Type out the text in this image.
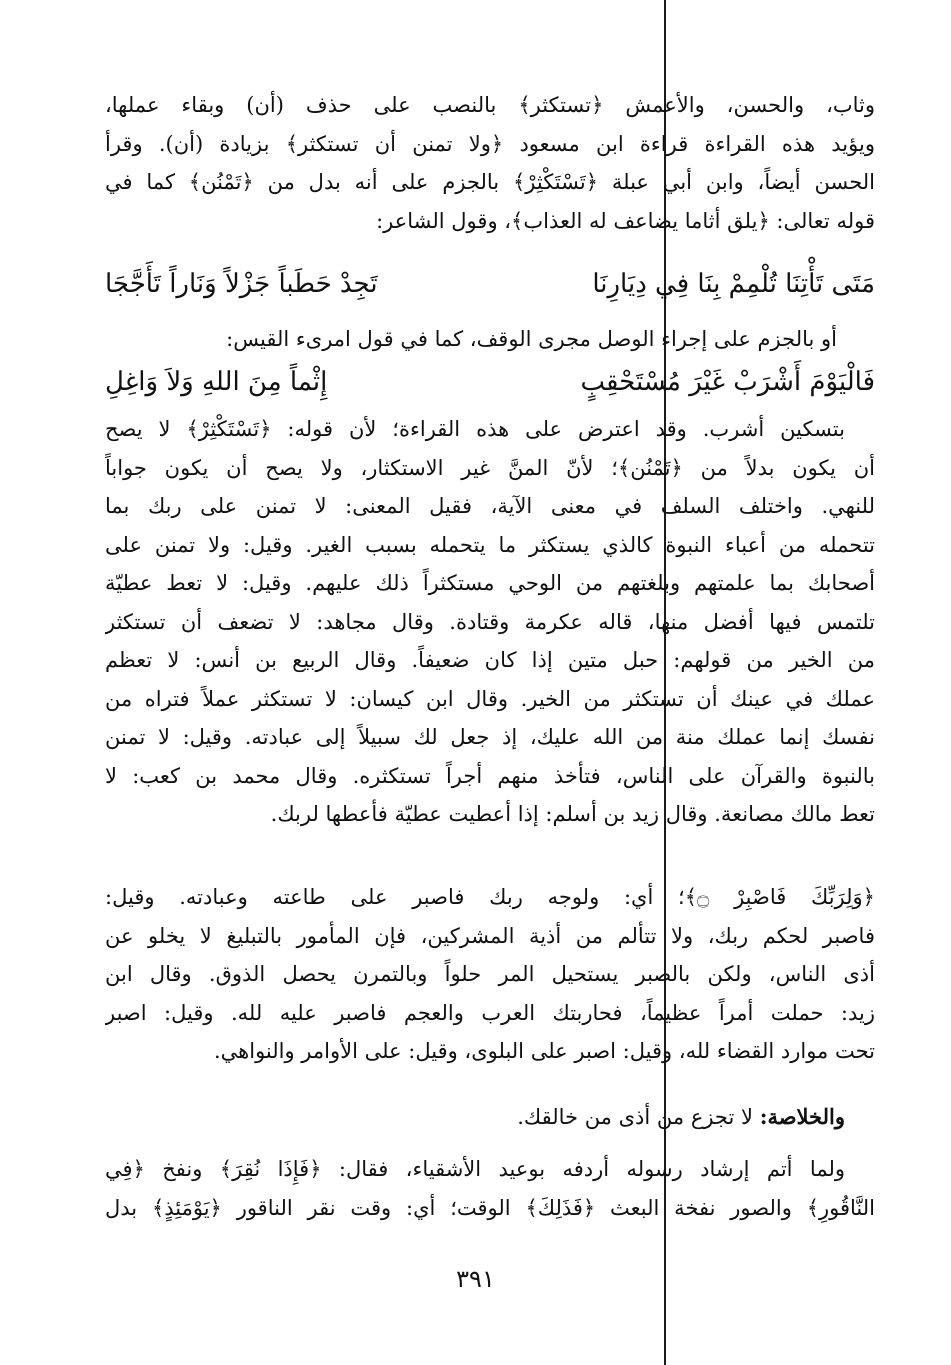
وثاب، والحسن، والأعمش ﴿تستكثر﴾ بالنصب على حذف (أن) وبقاء عملها،
ويؤيد هذه القراءة قراءة ابن مسعود ﴿ولا تمنن أن تستكثر﴾ بزيادة (أن). وقرأ
الحسن أيضاً، وابن أبي عبلة ﴿تَسْتَكْثِرْ﴾ بالجزم على أنه بدل من ﴿تَمْنُن﴾ كما في
قوله تعالى: ﴿يلق أثاما يضاعف له العذاب﴾، وقول الشاعر:
مَتَى تَأْتِنَا تُلْمِمْ بِنَا فِي دِيَارِنَا
تَجِدْ حَطَباً جَزْلاً وَنَاراً تَأَجَّجَا
أو بالجزم على إجراء الوصل مجرى الوقف، كما في قول امرىء القيس:
فَالْيَوْمَ أَشْرَبْ غَيْرَ مُسْتَحْقِبٍ
إِثْماً مِنَ اللهِ وَلاَ وَاغِلِ
بتسكين أشرب. وقد اعترض على هذه القراءة؛ لأن قوله: ﴿تَسْتَكْثِرْ﴾ لا يصح
أن يكون بدلاً من ﴿تَمْنُن﴾؛ لأنّ المنَّ غير الاستكثار، ولا يصح أن يكون جواباً
للنهي. واختلف السلف في معنى الآية، فقيل المعنى: لا تمنن على ربك بما
تتحمله من أعباء النبوة كالذي يستكثر ما يتحمله بسبب الغير. وقيل: ولا تمنن على
أصحابك بما علمتهم وبلغتهم من الوحي مستكثراً ذلك عليهم. وقيل: لا تعط عطيّة
تلتمس فيها أفضل منها، قاله عكرمة وقتادة. وقال مجاهد: لا تضعف أن تستكثر
من الخير من قولهم: حبل متين إذا كان ضعيفاً. وقال الربيع بن أنس: لا تعظم
عملك في عينك أن تستكثر من الخير. وقال ابن كيسان: لا تستكثر عملاً فتراه من
نفسك إنما عملك منة من الله عليك، إذ جعل لك سبيلاً إلى عبادته. وقيل: لا تمنن
بالنبوة والقرآن على الناس، فتأخذ منهم أجراً تستكثره. وقال محمد بن كعب: لا
تعط مالك مصانعة. وقال زيد بن أسلم: إذا أعطيت عطيّة فأعطها لربك.
﴿وَلِرَبِّكَ فَاصْبِرْ ۝﴾؛ أي: ولوجه ربك فاصبر على طاعته وعبادته. وقيل:
فاصبر لحكم ربك، ولا تتألم من أذية المشركين، فإن المأمور بالتبليغ لا يخلو عن
أذى الناس، ولكن بالصبر يستحيل المر حلواً وبالتمرن يحصل الذوق. وقال ابن
زيد: حملت أمراً عظيماً، فحاربتك العرب والعجم فاصبر عليه لله. وقيل: اصبر
تحت موارد القضاء لله، وقيل: اصبر على البلوى، وقيل: على الأوامر والنواهي.
والخلاصة: لا تجزع من أذى من خالقك.
ولما أتم إرشاد رسوله أردفه بوعيد الأشقياء، فقال: ﴿فَإِذَا نُقِرَ﴾ ونفخ ﴿فِي
النَّاقُورِ﴾ والصور نفخة البعث ﴿فَذَلِكَ﴾ الوقت؛ أي: وقت نقر الناقور ﴿يَوْمَئِذٍ﴾ بدل
٣٩١
